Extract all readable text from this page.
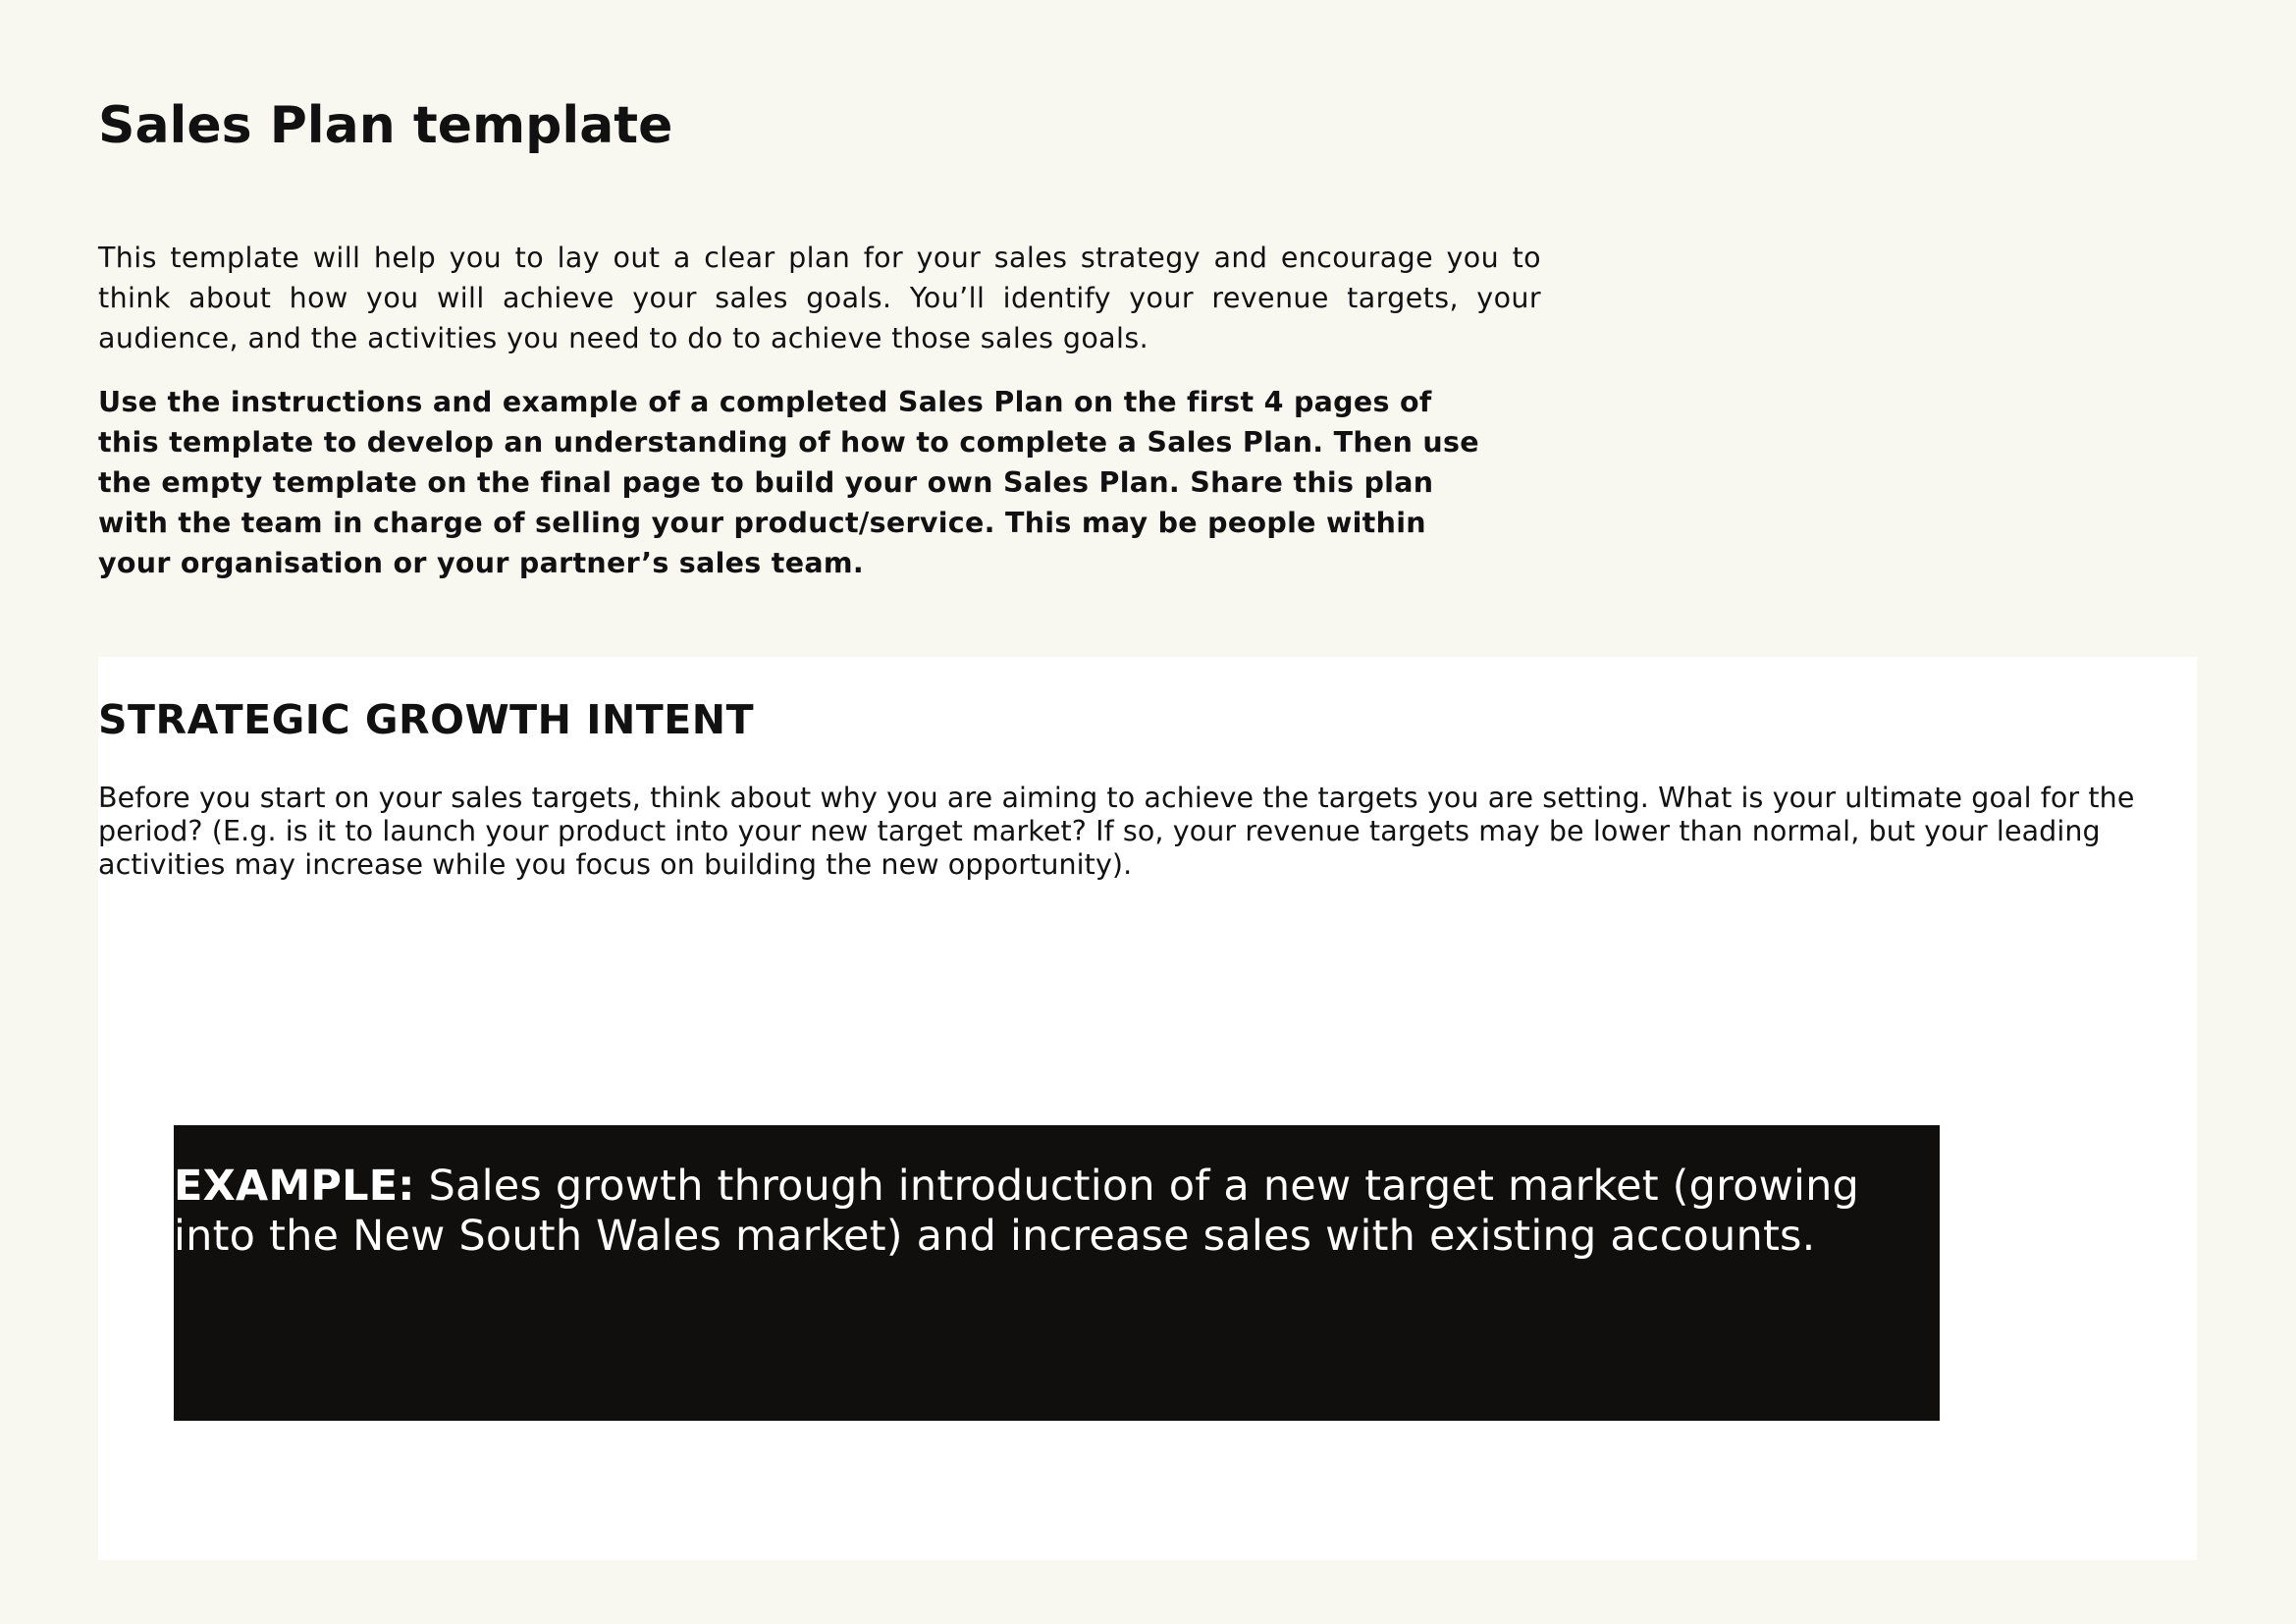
Sales Plan template

This template will help you to lay out a clear plan for your sales strategy and encourage you to think about how you will achieve your sales goals. You’ll identify your revenue targets, your audience, and the activities you need to do to achieve those sales goals.

Use the instructions and example of a completed Sales Plan on the first 4 pages of this template to develop an understanding of how to complete a Sales Plan. Then use the empty template on the final page to build your own Sales Plan. Share this plan with the team in charge of selling your product/service. This may be people within your organisation or your partner’s sales team.

STRATEGIC GROWTH INTENT

Before you start on your sales targets, think about why you are aiming to achieve the targets you are setting. What is your ultimate goal for the period? (E.g. is it to launch your product into your new target market? If so, your revenue targets may be lower than normal, but your leading activities may increase while you focus on building the new opportunity).

EXAMPLE: Sales growth through introduction of a new target market (growing into the New South Wales market) and increase sales with existing accounts.
